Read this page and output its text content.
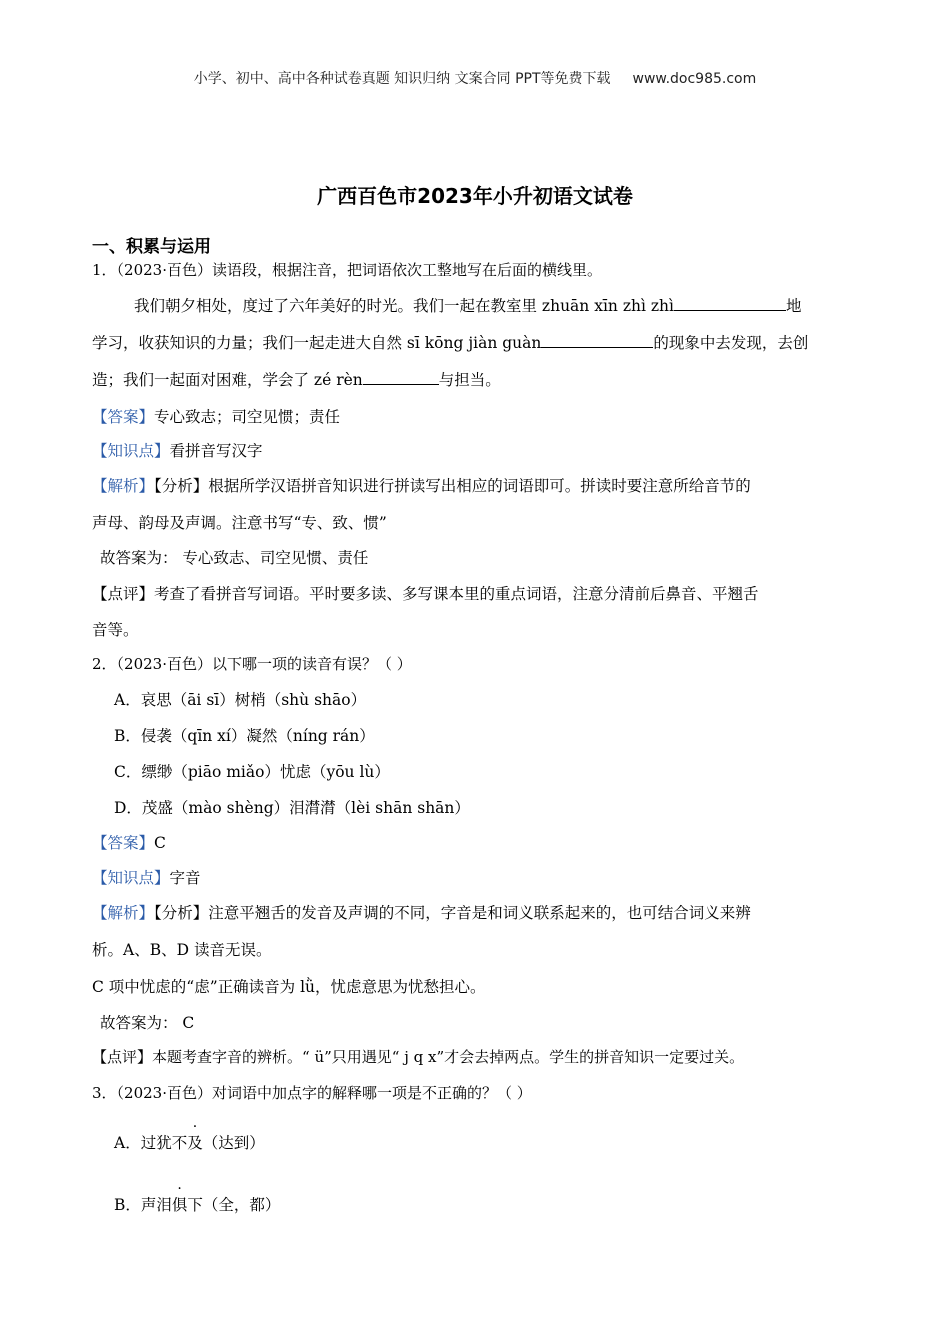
小学、初中、高中各种试卷真题 知识归纳 文案合同 PPT等免费下载 www.doc985.com
广西百色市2023年小升初语文试卷
一、积累与运用
1．（2023·百色）读语段，根据注音，把词语依次工整地写在后面的横线里。
我们朝夕相处，度过了六年美好的时光。我们一起在教室里 zhuān xīn zhì zhì	地
学习，收获知识的力量；我们一起走进大自然 sī kōng jiàn guàn	的现象中去发现，去创
造；我们一起面对困难，学会了 zé rèn	与担当。
【答案】专心致志；司空见惯；责任
【知识点】看拼音写汉字
【解析】【分析】根据所学汉语拼音知识进行拼读写出相应的词语即可。拼读时要注意所给音节的
声母、韵母及声调。注意书写“专、致、惯”
故答案为： 专心致志、司空见惯、责任
【点评】考查了看拼音写词语。平时要多读、多写课本里的重点词语，注意分清前后鼻音、平翘舌
音等。
2．（2023·百色）以下哪一项的读音有误？（ ）
A．哀思（āi sī）树梢（shù shāo）
B．侵袭（qīn xí）凝然（níng rán）
C．缥缈（piāo miǎo）忧虑（yōu lù）
D．茂盛（mào shèng）泪潸潸（lèi shān shān）
【答案】C
【知识点】字音
【解析】【分析】注意平翘舌的发音及声调的不同，字音是和词义联系起来的，也可结合词义来辨
析。A、B、D 读音无误。
C 项中忧虑的“虑”正确读音为 lǜ，忧虑意思为忧愁担心。
故答案为： C
【点评】本题考查字音的辨析。“ ü”只用遇见“ j q x”才会去掉两点。学生的拼音知识一定要过关。
3．（2023·百色）对词语中加点字的解释哪一项是不正确的？（ ）
A．过犹不及（达到）
B．声泪俱下（全，都）
